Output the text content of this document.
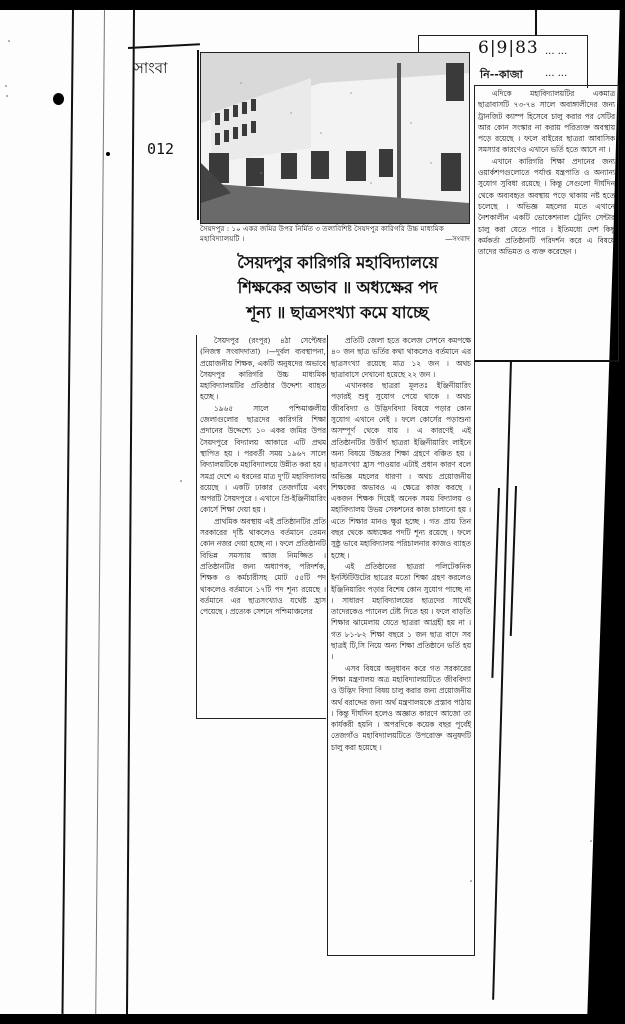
সাংবা
012
6|9|83 ... ...
নি--কাজা ... ...
সৈয়দপুর : ১০ একর জমির উপর নির্মিত ৩ তলাবিশিষ্ট সৈয়দপুর কারিগরি উচ্চ মাধ্যমিক মহাবিদ্যালয়টি ।	—সংবাদ
সৈয়দপুর কারিগরি মহাবিদ্যালয়ে
শিক্ষকের অভাব ॥ অধ্যক্ষের পদ
শূন্য ॥ ছাত্রসংখ্যা কমে যাচ্ছে

সৈয়দপুর (রংপুর) ৪ঠা সেপ্টেম্বর (নিজস্ব সংবাদদাতা) ।—দুর্বল ব্যবস্থাপনা, প্রয়োজনীয় শিক্ষক, একটি অনুষদের অভাবে সৈয়দপুর কারিগরি উচ্চ মাধ্যমিক মহাবিদ্যালয়টির প্রতিষ্ঠার উদ্দেশ্য ব্যাহত হচ্ছে ।

১৯৬৫ সালে পশ্চিমাঞ্চলীয় জেলাগুলোর ছাত্রদের কারিগরি শিক্ষা প্রদানের উদ্দেশ্যে ১০ একর জমির উপর সৈয়দপুরে বিদ্যালয় আকারে এটি প্রথম স্থাপিত হয় । পরবর্তী সময় ১৯৬৭ সালে বিদ্যালয়টিকে মহাবিদ্যালয়ে উন্নীত করা হয় । সমগ্র দেশে এ ধরনের মাত্র দু'টি মহাবিদ্যালয় রয়েছে । একটি ঢাকার তেজগাঁয়ে এবং অপরটি সৈয়দপুরে । এখানে প্রি-ইঞ্জিনীয়ারিং কোর্সে শিক্ষা দেয়া হয় ।

প্রাথমিক অবস্থায় এই প্রতিষ্ঠানটির প্রতি সরকারের দৃষ্টি থাকলেও বর্তমানে তেমন কোন নজর দেয়া হচ্ছে না । ফলে প্রতিষ্ঠানটি বিভিন্ন সমস্যায় আজ নিমজ্জিত । প্রতিষ্ঠানটির জন্য অধ্যাপক, পরিদর্শক, শিক্ষক ও কর্মচারীসহ মোট ৫৫টি পদ থাকলেও বর্তমানে ১৭টি পদ শূন্য রয়েছে । বর্তমানে এর ছাত্রসংখ্যাও যথেষ্ট হ্রাস পেয়েছে । প্রত্যেক সেশনে পশ্চিমাঞ্চলের

প্রতিটি জেলা হতে কলেজ সেশনে কমপক্ষে ৪০ জন ছাত্র ভর্তির কথা থাকলেও বর্তমানে এর ছাত্রসংখ্যা রয়েছে মাত্র ১২ জন । অথচ ছাত্রাবাসে দেখানো হয়েছে ২২ জন ।

এখানকার ছাত্ররা মূলতঃ ইঞ্জিনীয়ারিং পড়ারই শুধু সুযোগ পেয়ে থাকে । অথচ জীববিদ্যা ও উদ্ভিদবিদ্যা বিষয়ে পড়ার কোন সুযোগ এখানে নেই । ফলে কোর্সের পড়াশুনা অসম্পূর্ণ থেকে যায় । এ কারণেই এই প্রতিষ্ঠানটির উত্তীর্ণ ছাত্ররা ইঞ্জিনীয়ারিং লাইনে অন্য বিষয়ে উচ্চতর শিক্ষা গ্রহণে বঞ্চিত হয় । ছাত্রসংখ্যা হ্রাস পাওয়ার এটাই প্রধান কারণ বলে অভিজ্ঞ মহলের ধারণা । অথচ প্রয়োজনীয় শিক্ষকের অভাবও এ ক্ষেত্রে কাজ করছে । একজন শিক্ষক দিয়েই অনেক সময় বিদ্যালয় ও মহাবিদ্যালয় উভয় সেকশনের কাজ চালানো হয় । এতে শিক্ষার মানও ক্ষুণ্ণ হচ্ছে । গত প্রায় তিন বছর থেকে অধ্যক্ষের পদটি শূন্য রয়েছে । ফলে সুষ্ঠু ভাবে মহাবিদ্যালয় পরিচালনার কাজও ব্যাহত হচ্ছে ।

এই প্রতিষ্ঠানের ছাত্ররা পলিটেকনিক ইনস্টিটিউটের ছাত্রের মতো শিক্ষা গ্রহণ করলেও ইঞ্জিনিয়ারিং পড়ার বিশেষ কোন সুযোগ পাচ্ছে না । সাধারণ মহাবিদ্যালয়ের ছাত্রদের সাথেই তাদেরকেও প্যানেল টেষ্ট দিতে হয় । ফলে বাড়তি শিক্ষার ঝামেলায় যেতে ছাত্ররা আগ্রহী হয় না । গত ৮১-৮২ শিক্ষা বছরে ১ জন ছাত্র বাদে সব ছাত্রই টি,সি নিয়ে অন্য শিক্ষা প্রতিষ্ঠানে ভর্তি হয় ।

এসব বিষয়ে অনুধাবন করে গত সরকারের শিক্ষা মন্ত্রণালয় অত্র মহাবিদ্যালয়টিতে জীববিদ্যা ও উদ্ভিদ বিদ্যা বিষয় চালু করার জন্য প্রয়োজনীয় অর্থ বরাদ্দের জন্য অর্থ মন্ত্রণালয়কে প্রস্তাব পাঠায় । কিন্তু দীর্ঘদিন হলেও অজ্ঞাত কারণে আজো তা কার্যকরী হয়নি । অপরদিকে কয়েক বছর পূর্বেই তেজগাঁও মহাবিদ্যালয়টিতে উপরোক্ত অনুষদটি চালু করা হয়েছে ।

এদিকে মহাবিদ্যালয়টির একমাত্র ছাত্রাবাসটি ৭৩-৭৪ সালে অবাঙ্গালীদের জন্য ট্রানজিট ক্যাম্প হিসেবে চালু করার পর সেটির আর কোন সংস্কার না করায় পরিত্যক্ত অবস্থায় পড়ে রয়েছে । ফলে বাইরের ছাত্ররা আবাসিক সমস্যার কারণেও এখানে ভর্তি হতে আসে না ।

এখানে কারিগরি শিক্ষা প্রদানের জন্য ওয়ার্কশপগুলোতে পর্যাপ্ত যন্ত্রপাতি ও অন্যান্য সুযোগ সুবিধা রয়েছে । কিন্তু সেগুলো দীর্ঘদিন থেকে অব্যবহৃত অবস্থায় পড়ে থাকায় নষ্ট হতে চলেছে । অভিজ্ঞ মহলের মতে এখানে নৈশকালীন একটি ভোকেশনাল ট্রেনিং সেন্টার চালু করা যেতে পারে । ইতিমধ্যে দেশ কিছু কর্মকর্তা প্রতিষ্ঠানটি পরিদর্শন করে এ বিষয়ে তাদের অভিমত ও ব্যক্ত করেছেন ।
